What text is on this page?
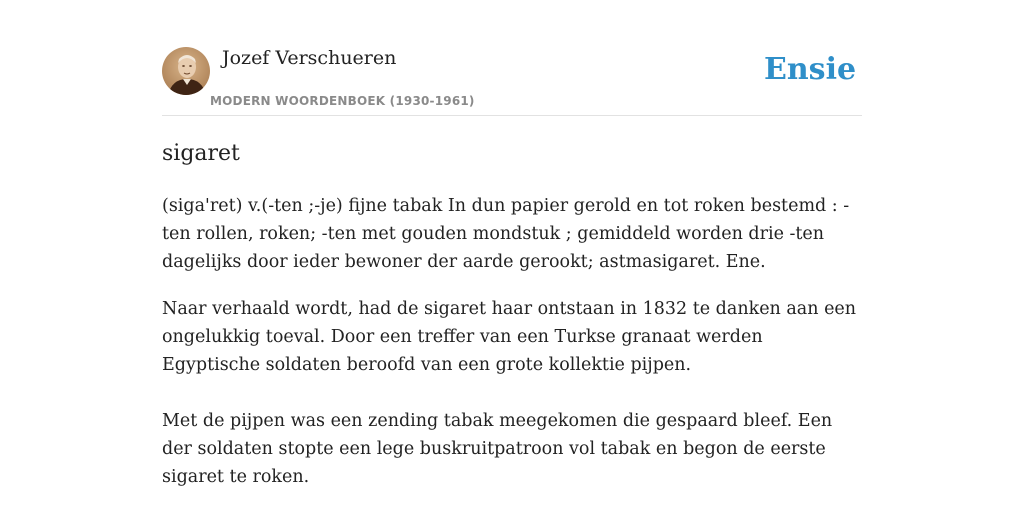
Jozef Verschueren
MODERN WOORDENBOEK (1930-1961)
Ensie
sigaret

(siga'ret) v.(-ten ;-je) fijne tabak In dun papier gerold en tot roken bestemd : -ten rollen, roken; -ten met gouden mondstuk ; gemiddeld worden drie -ten dagelijks door ieder bewoner der aarde gerookt; astmasigaret. Ene.

Naar verhaald wordt, had de sigaret haar ontstaan in 1832 te danken aan een ongelukkig toeval. Door een treffer van een Turkse granaat werden Egyptische soldaten beroofd van een grote kollektie pijpen.

Met de pijpen was een zending tabak meegekomen die gespaard bleef. Een der soldaten stopte een lege buskruitpatroon vol tabak en begon de eerste sigaret te roken.
